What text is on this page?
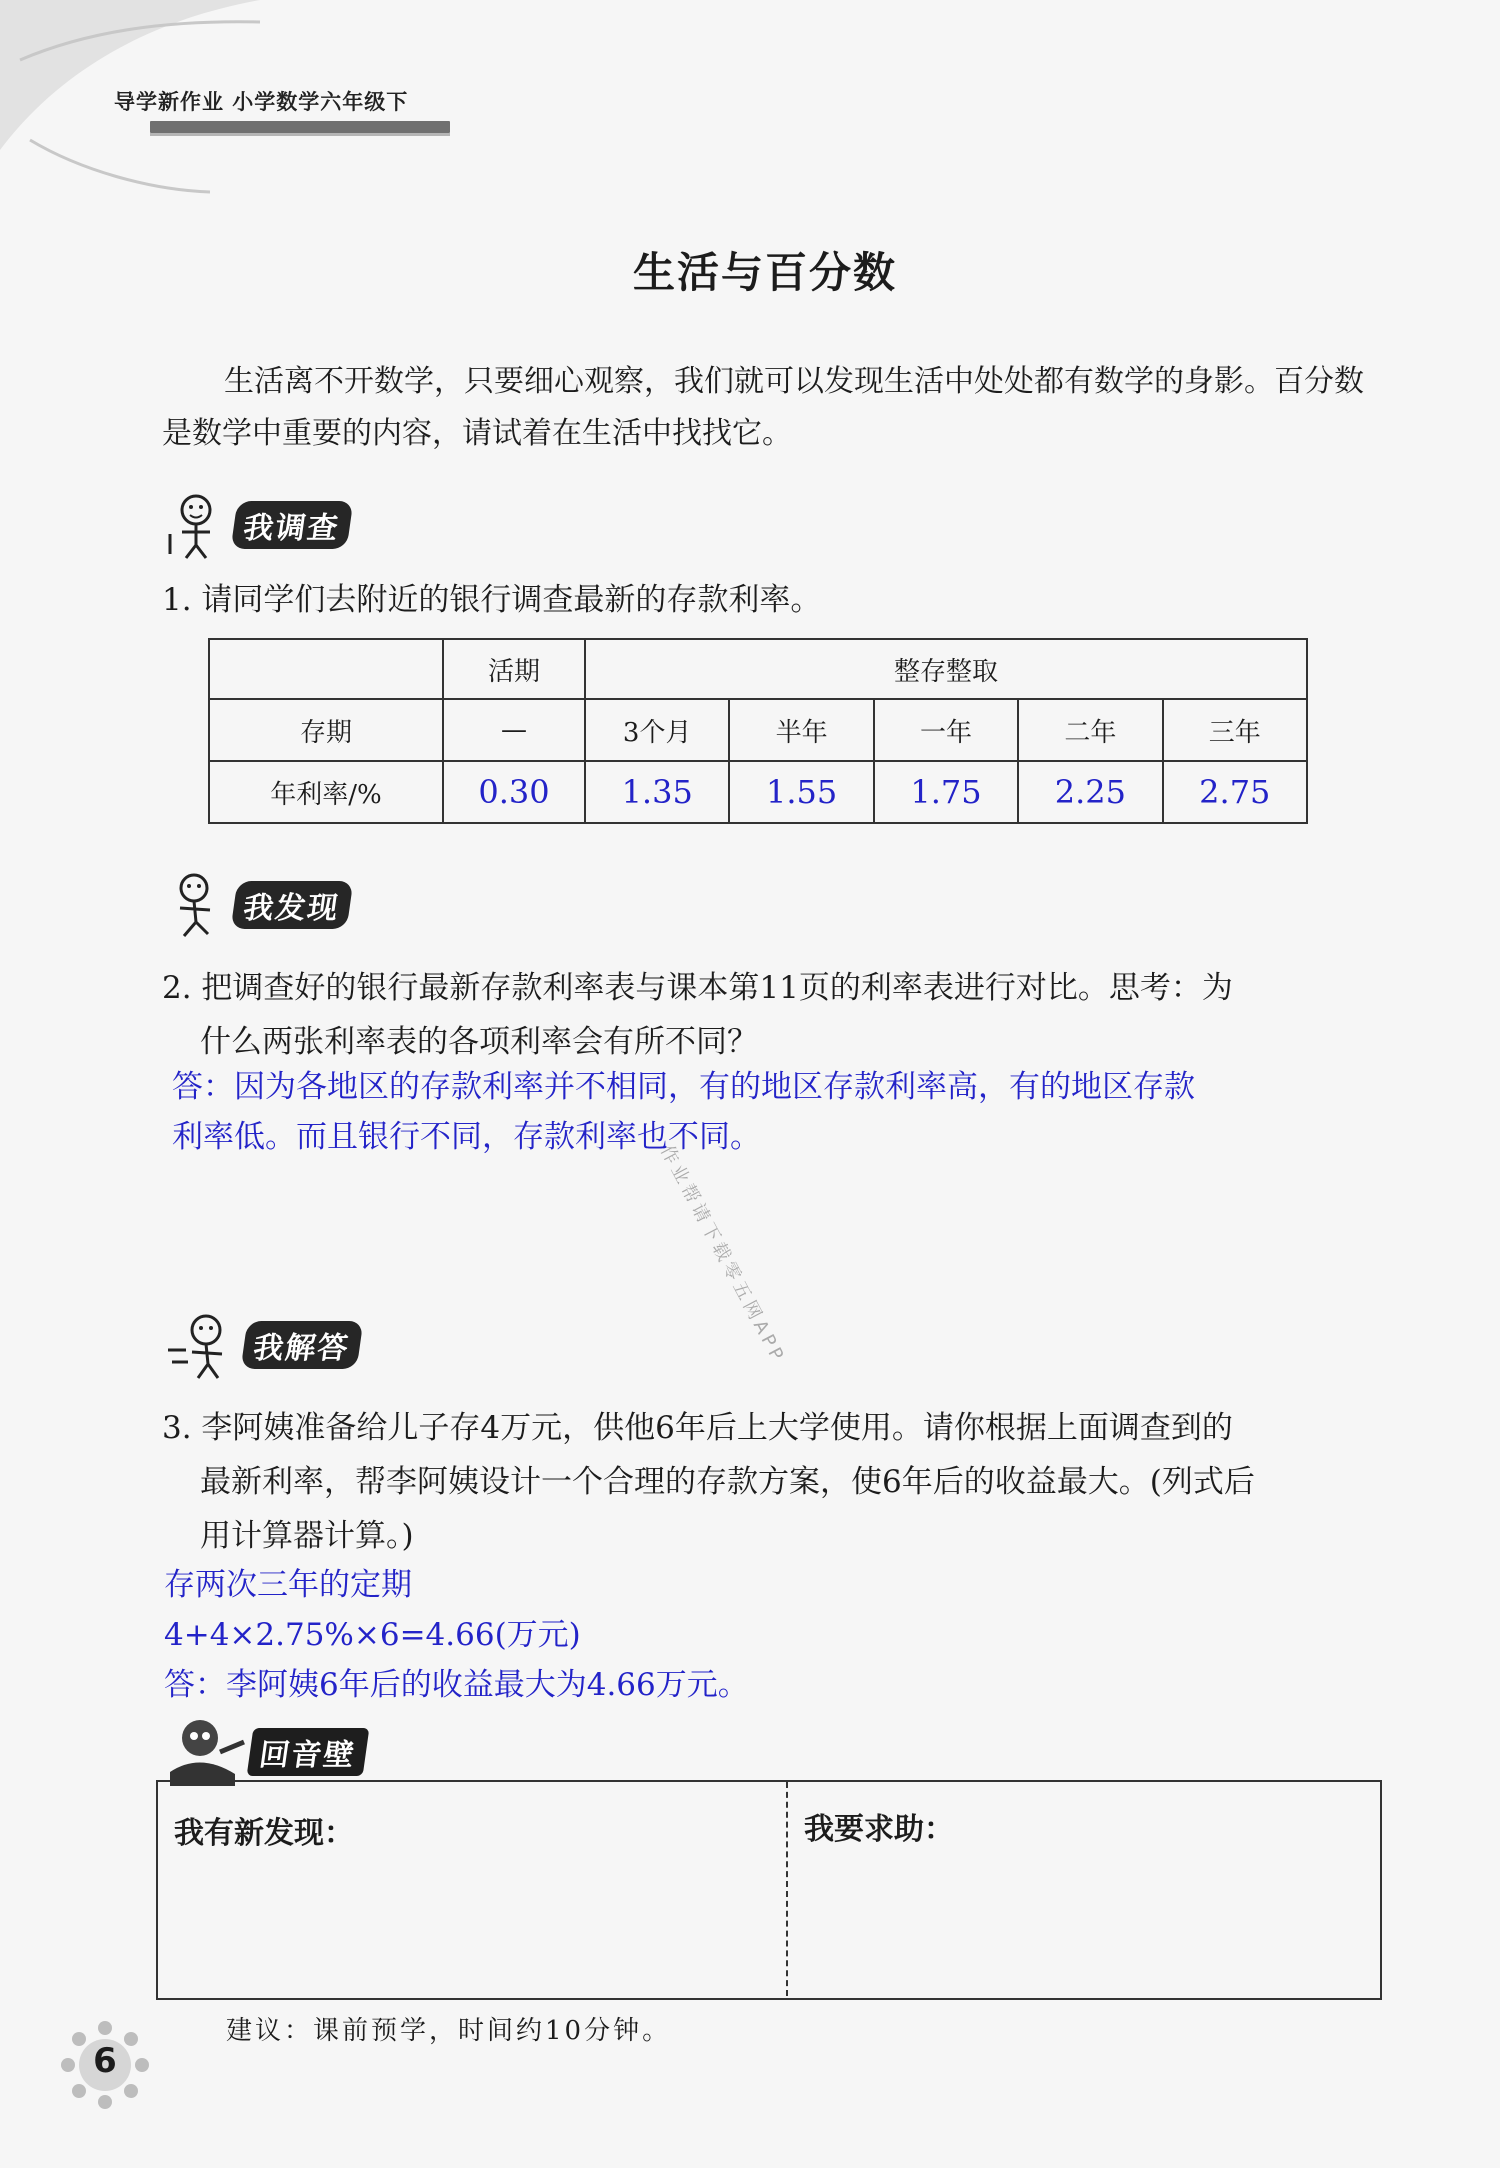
导学新作业 小学数学六年级下
生活与百分数
生活离不开数学，只要细心观察，我们就可以发现生活中处处都有数学的身影。百分数是数学中重要的内容，请试着在生活中找找它。
我调查
1. 请同学们去附近的银行调查最新的存款利率。
	活期	整存整取				
存期	—	3个月	半年	一年	二年	三年
年利率/%	0.30	1.35	1.55	1.75	2.25	2.75
我发现
2. 把调查好的银行最新存款利率表与课本第11页的利率表进行对比。思考：为
什么两张利率表的各项利率会有所不同？
答：因为各地区的存款利率并不相同，有的地区存款利率高，有的地区存款
利率低。而且银行不同，存款利率也不同。
作业帮请下载零五网APP
我解答
3. 李阿姨准备给儿子存4万元，供他6年后上大学使用。请你根据上面调查到的
最新利率，帮李阿姨设计一个合理的存款方案，使6年后的收益最大。(列式后
用计算器计算。)
存两次三年的定期
4+4×2.75%×6=4.66(万元)
答：李阿姨6年后的收益最大为4.66万元。
回音壁
我有新发现：	我要求助：
建议：课前预学，时间约10分钟。
6
